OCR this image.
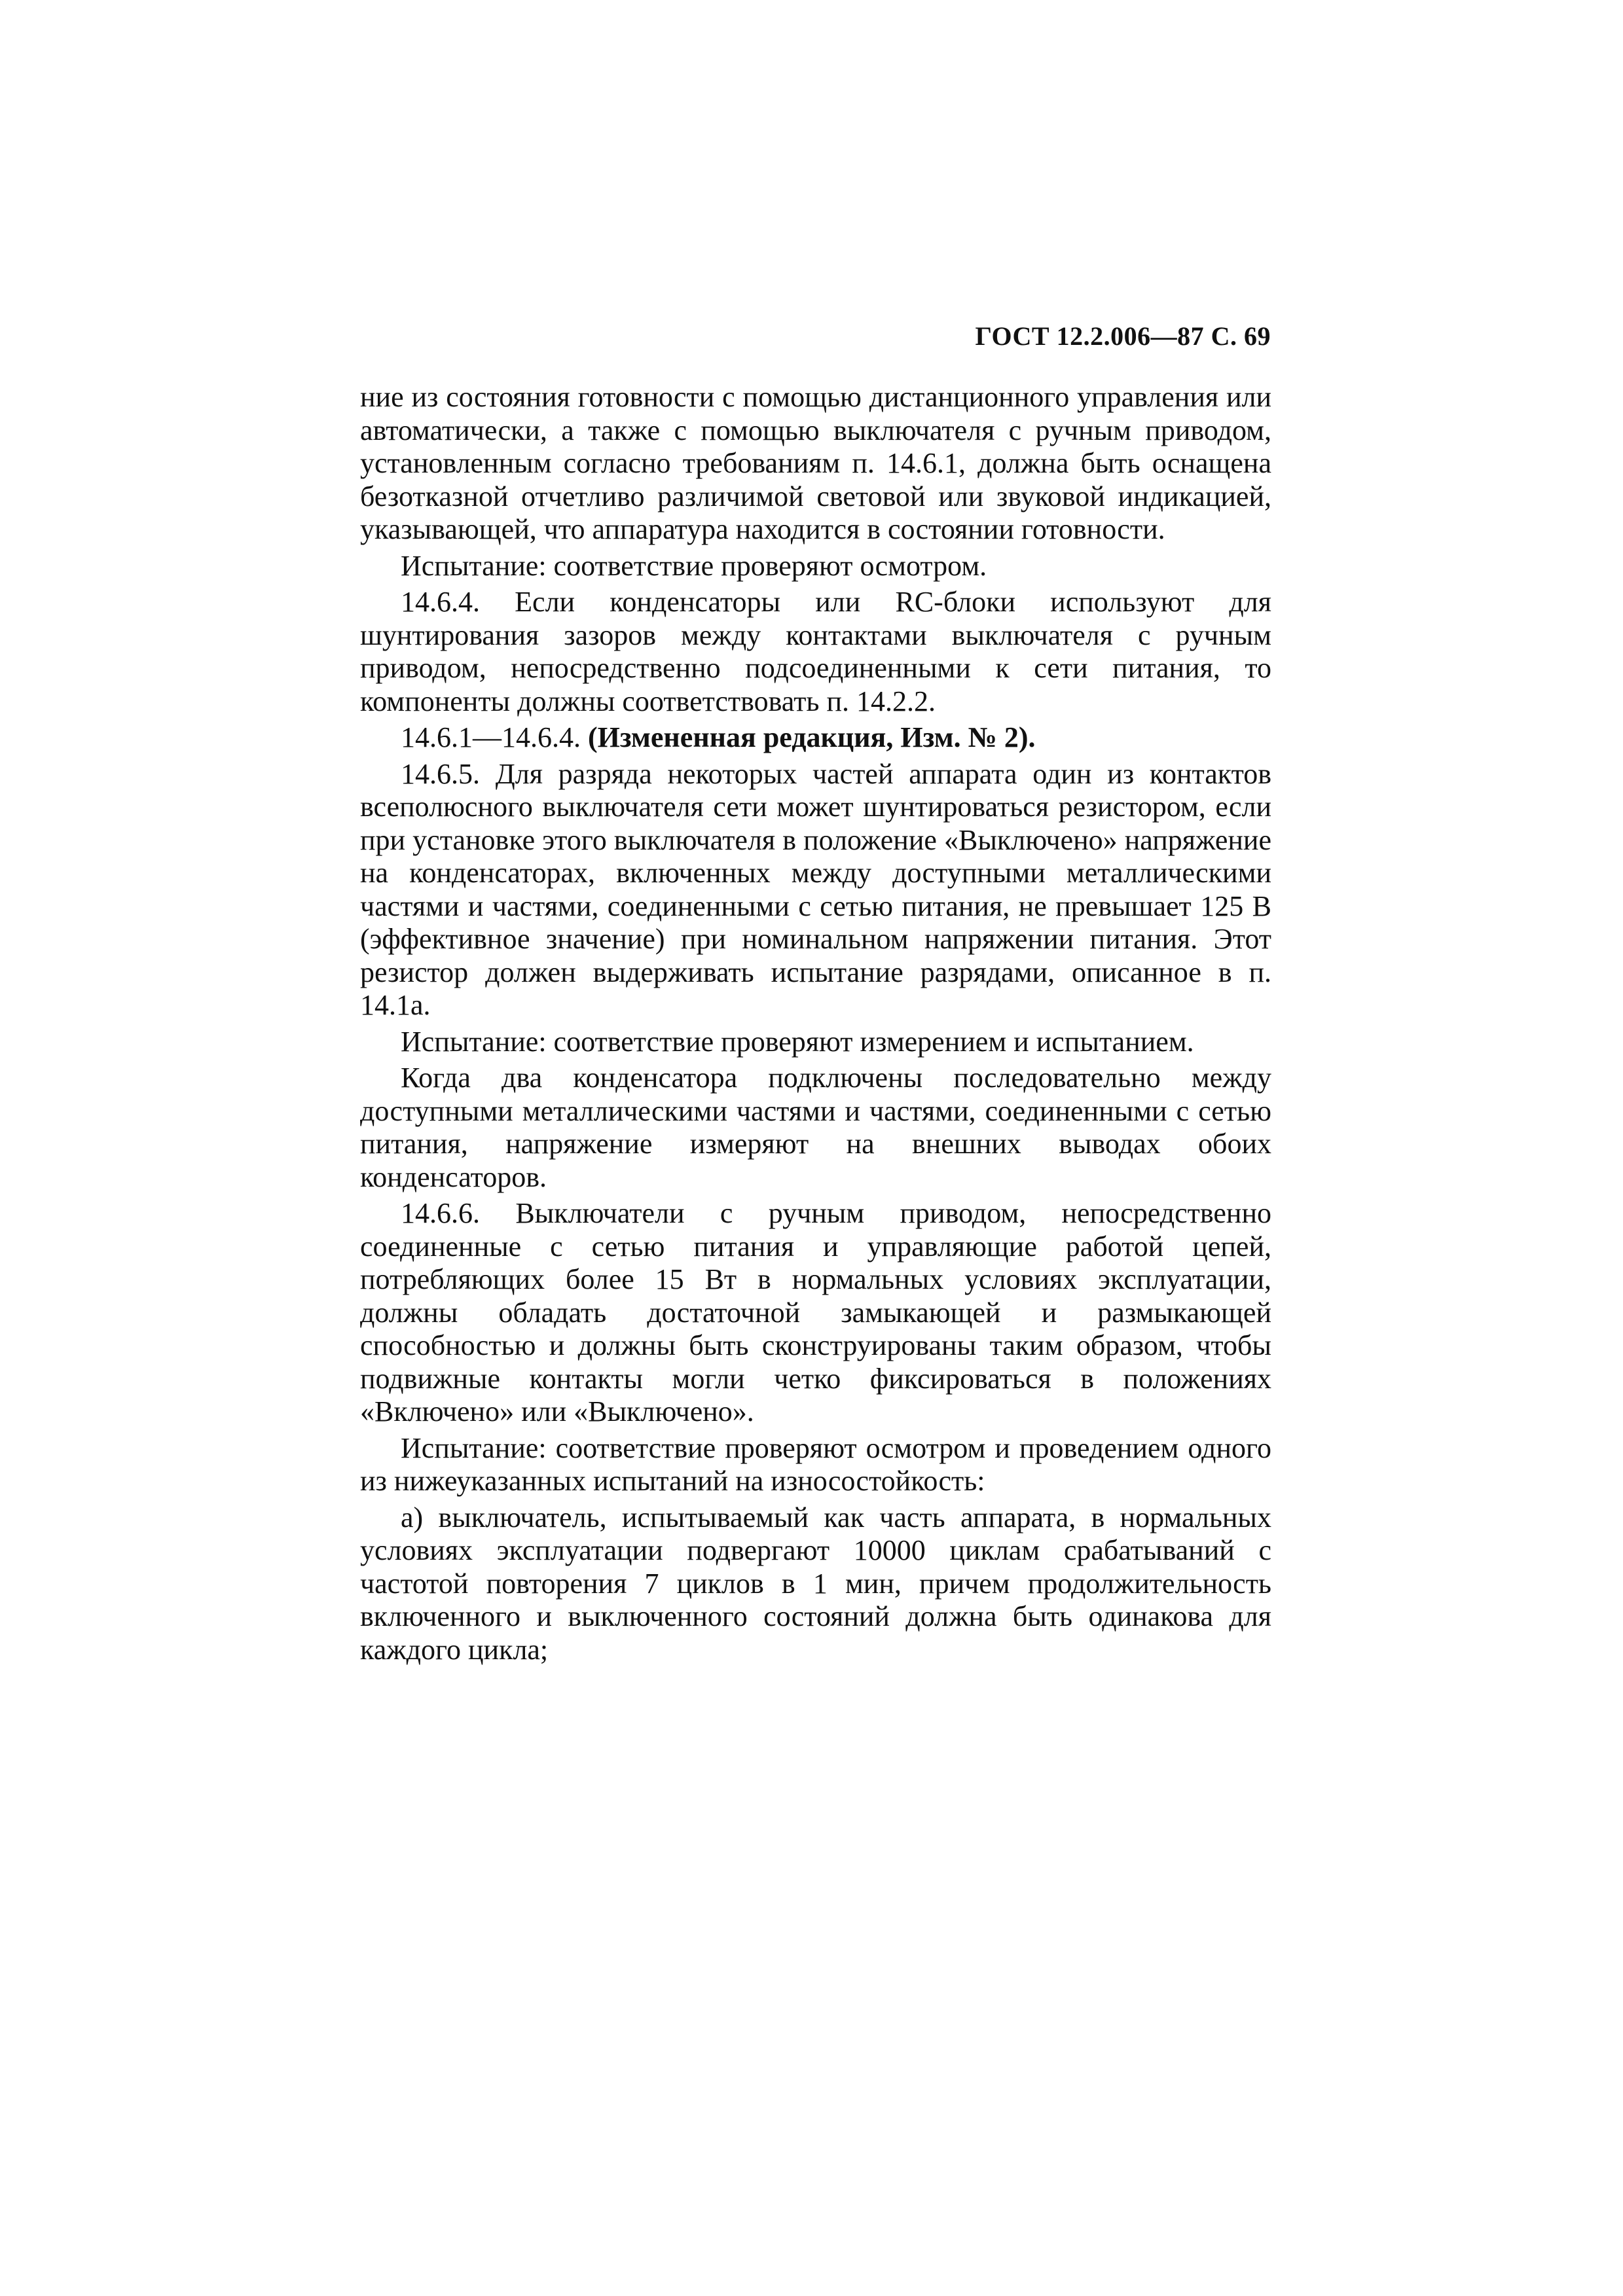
ГОСТ 12.2.006—87 С. 69

ние из состояния готовности с помощью дистанционного управления или автоматически, а также с помощью выключателя с ручным приводом, установленным согласно требованиям п. 14.6.1, должна быть оснащена безотказной отчетливо различимой световой или звуковой индикацией, указывающей, что аппаратура находится в состоянии готовности.

Испытание: соответствие проверяют осмотром.

14.6.4. Если конденсаторы или RC-блоки используют для шунтирования зазоров между контактами выключателя с ручным приводом, непосредственно подсоединенными к сети питания, то компоненты должны соответствовать п. 14.2.2.

14.6.1—14.6.4. (Измененная редакция, Изм. № 2).

14.6.5. Для разряда некоторых частей аппарата один из контактов всеполюсного выключателя сети может шунтироваться резистором, если при установке этого выключателя в положение «Выключено» напряжение на конденсаторах, включенных между доступными металлическими частями и частями, соединенными с сетью питания, не превышает 125 В (эффективное значение) при номинальном напряжении питания. Этот резистор должен выдерживать испытание разрядами, описанное в п. 14.1а.

Испытание: соответствие проверяют измерением и испытанием.

Когда два конденсатора подключены последовательно между доступными металлическими частями и частями, соединенными с сетью питания, напряжение измеряют на внешних выводах обоих конденсаторов.

14.6.6. Выключатели с ручным приводом, непосредственно соединенные с сетью питания и управляющие работой цепей, потребляющих более 15 Вт в нормальных условиях эксплуатации, должны обладать достаточной замыкающей и размыкающей способностью и должны быть сконструированы таким образом, чтобы подвижные контакты могли четко фиксироваться в положениях «Включено» или «Выключено».

Испытание: соответствие проверяют осмотром и проведением одного из нижеуказанных испытаний на износостойкость:

а) выключатель, испытываемый как часть аппарата, в нормальных условиях эксплуатации подвергают 10000 циклам срабатываний с частотой повторения 7 циклов в 1 мин, причем продолжительность включенного и выключенного состояний должна быть одинакова для каждого цикла;
